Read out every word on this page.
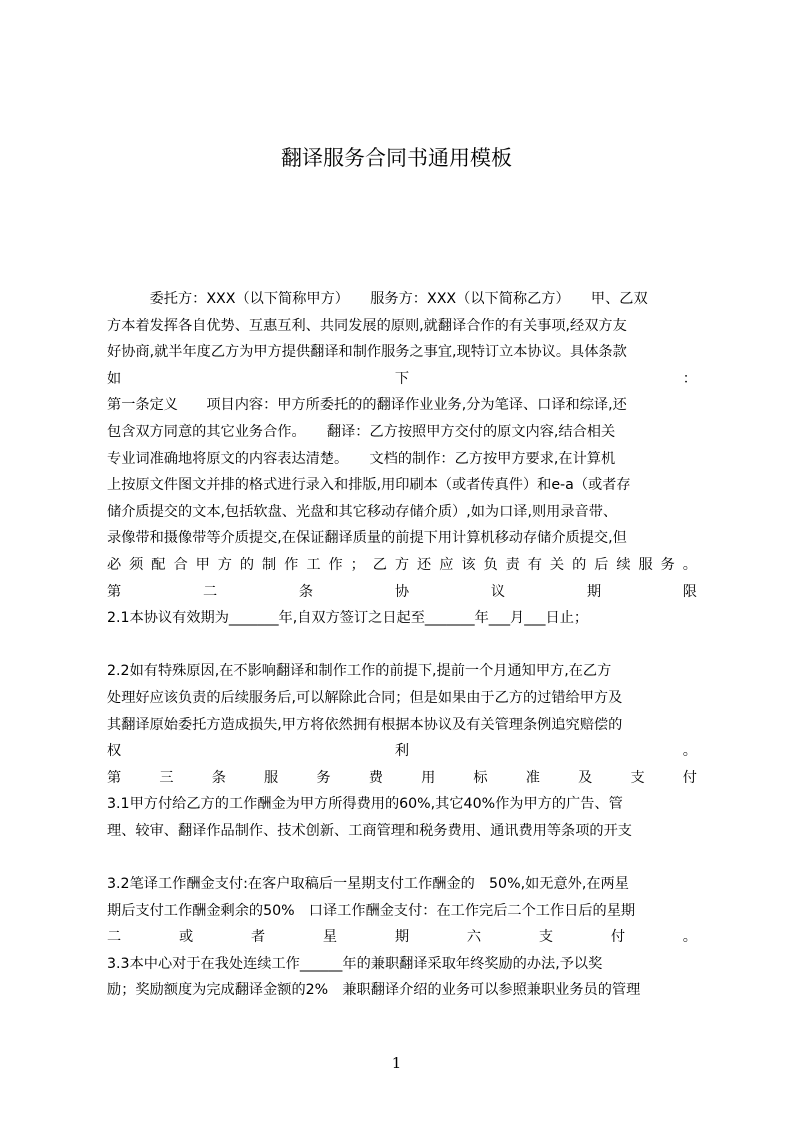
翻译服务合同书通用模板
　　　委托方：XXX（以下简称甲方）　　服务方：XXX（以下简称乙方）　　甲、乙双
方本着发挥各自优势、互惠互利、共同发展的原则,就翻译合作的有关事项,经双方友
好协商,就半年度乙方为甲方提供翻译和制作服务之事宜,现特订立本协议。具体条款
如　下　：
第一条定义　　项目内容：甲方所委托的的翻译作业业务,分为笔译、口译和综译,还
包含双方同意的其它业务合作。　　翻译：乙方按照甲方交付的原文内容,结合相关
专业词准确地将原文的内容表达清楚。　　文档的制作：乙方按甲方要求,在计算机
上按原文件图文并排的格式进行录入和排版,用印刷本（或者传真件）和e-a（或者存
储介质提交的文本,包括软盘、光盘和其它移动存储介质）,如为口译,则用录音带、
录像带和摄像带等介质提交,在保证翻译质量的前提下用计算机移动存储介质提交,但
必须配合甲方的制作工作；乙方还应该负责有关的后续服务。
第 二 条 协 议 期 限
2.1本协议有效期为_______年,自双方签订之日起至_______年___月___日止；
2.2如有特殊原因,在不影响翻译和制作工作的前提下,提前一个月通知甲方,在乙方
处理好应该负责的后续服务后,可以解除此合同；但是如果由于乙方的过错给甲方及
其翻译原始委托方造成损失,甲方将依然拥有根据本协议及有关管理条例追究赔偿的
权 利 。
第 三 条 服 务 费 用 标 准 及 支 付
3.1甲方付给乙方的工作酬金为甲方所得费用的60%,其它40%作为甲方的广告、管
理、较审、翻译作品制作、技术创新、工商管理和税务费用、通讯费用等条项的开支
3.2笔译工作酬金支付:在客户取稿后一星期支付工作酬金的　50%,如无意外,在两星
期后支付工作酬金剩余的50%　口译工作酬金支付：在工作完后二个工作日后的星期
二 或 者 星 期 六 支 付 。
3.3本中心对于在我处连续工作______年的兼职翻译采取年终奖励的办法,予以奖
励；奖励额度为完成翻译金额的2%　兼职翻译介绍的业务可以参照兼职业务员的管理
1
